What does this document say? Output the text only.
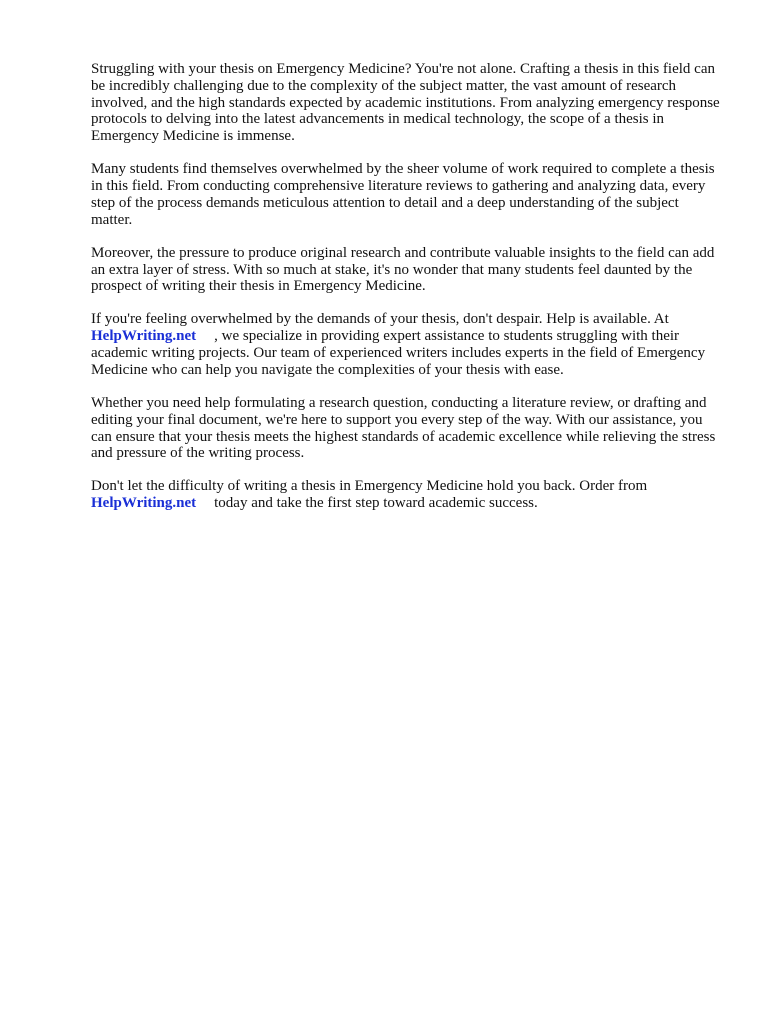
Struggling with your thesis on Emergency Medicine? You're not alone. Crafting a thesis in this field can be incredibly challenging due to the complexity of the subject matter, the vast amount of research involved, and the high standards expected by academic institutions. From analyzing emergency response protocols to delving into the latest advancements in medical technology, the scope of a thesis in Emergency Medicine is immense.

Many students find themselves overwhelmed by the sheer volume of work required to complete a thesis in this field. From conducting comprehensive literature reviews to gathering and analyzing data, every step of the process demands meticulous attention to detail and a deep understanding of the subject matter.

Moreover, the pressure to produce original research and contribute valuable insights to the field can add an extra layer of stress. With so much at stake, it's no wonder that many students feel daunted by the prospect of writing their thesis in Emergency Medicine.

If you're feeling overwhelmed by the demands of your thesis, don't despair. Help is available. At HelpWriting.net , we specialize in providing expert assistance to students struggling with their academic writing projects. Our team of experienced writers includes experts in the field of Emergency Medicine who can help you navigate the complexities of your thesis with ease.

Whether you need help formulating a research question, conducting a literature review, or drafting and editing your final document, we're here to support you every step of the way. With our assistance, you can ensure that your thesis meets the highest standards of academic excellence while relieving the stress and pressure of the writing process.

Don't let the difficulty of writing a thesis in Emergency Medicine hold you back. Order from HelpWriting.net today and take the first step toward academic success.
